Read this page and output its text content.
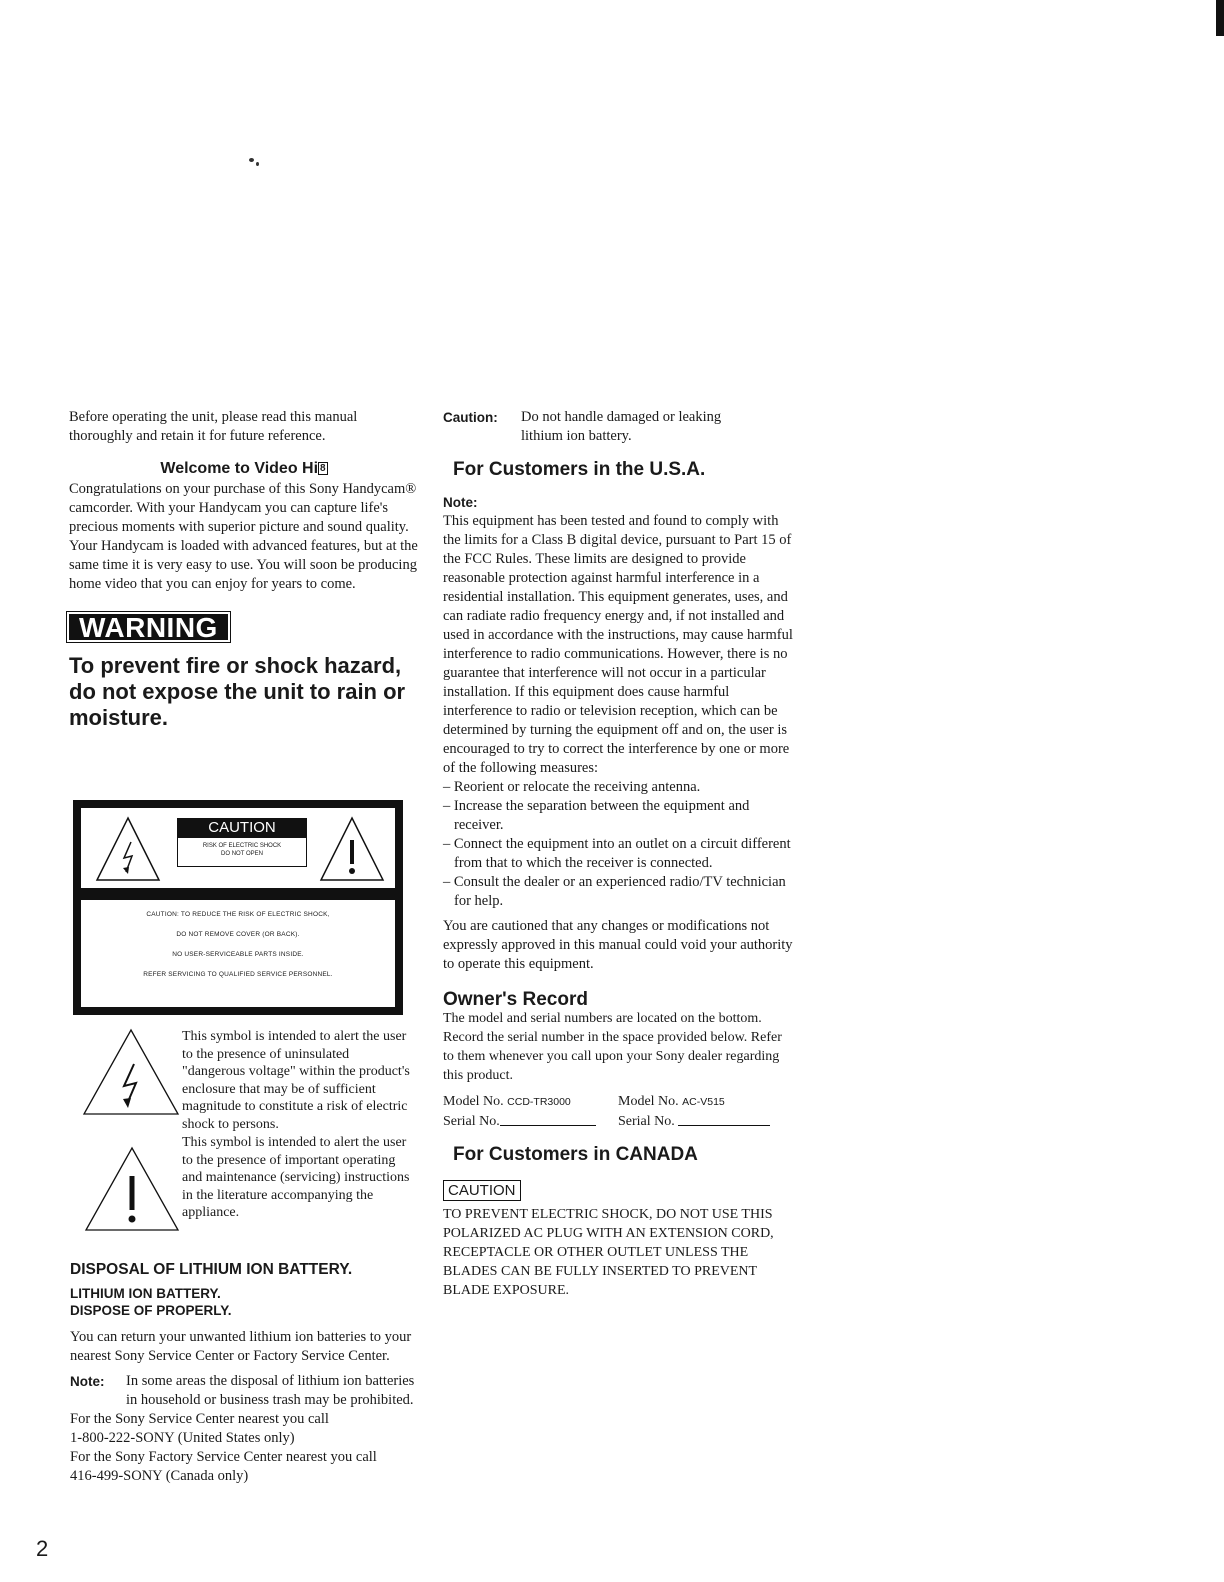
Before operating the unit, please read this manual thoroughly and retain it for future reference.

Welcome to Video Hi 8

Congratulations on your purchase of this Sony Handycam® camcorder. With your Handycam you can capture life's precious moments with superior picture and sound quality.

Your Handycam is loaded with advanced features, but at the same time it is very easy to use. You will soon be producing home video that you can enjoy for years to come.

WARNING
To prevent fire or shock hazard, do not expose the unit to rain or moisture.
CAUTION
RISK OF ELECTRIC SHOCK
DO NOT OPEN
CAUTION: TO REDUCE THE RISK OF ELECTRIC SHOCK,
DO NOT REMOVE COVER (OR BACK).
NO USER-SERVICEABLE PARTS INSIDE.
REFER SERVICING TO QUALIFIED SERVICE PERSONNEL.
This symbol is intended to alert the user to the presence of uninsulated "dangerous voltage" within the product's enclosure that may be of sufficient magnitude to constitute a risk of electric shock to persons.
This symbol is intended to alert the user to the presence of important operating and maintenance (servicing) instructions in the literature accompanying the appliance.
DISPOSAL OF LITHIUM ION BATTERY.
LITHIUM ION BATTERY.
DISPOSE OF PROPERLY.

You can return your unwanted lithium ion batteries to your nearest Sony Service Center or Factory Service Center.

Note:	In some areas the disposal of lithium ion batteries in household or business trash may be prohibited.

For the Sony Service Center nearest you call

1-800-222-SONY (United States only)

For the Sony Factory Service Center nearest you call

416-499-SONY (Canada only)

2
Caution:	Do not handle damaged or leaking lithium ion battery.
For Customers in the U.S.A.
Note:

This equipment has been tested and found to comply with the limits for a Class B digital device, pursuant to Part 15 of the FCC Rules. These limits are designed to provide reasonable protection against harmful interference in a residential installation. This equipment generates, uses, and can radiate radio frequency energy and, if not installed and used in accordance with the instructions, may cause harmful interference to radio communications. However, there is no guarantee that interference will not occur in a particular installation. If this equipment does cause harmful interference to radio or television reception, which can be determined by turning the equipment off and on, the user is encouraged to try to correct the interference by one or more of the following measures:

– Reorient or relocate the receiving antenna.
– Increase the separation between the equipment and receiver.
– Connect the equipment into an outlet on a circuit different from that to which the receiver is connected.
– Consult the dealer or an experienced radio/TV technician for help.

You are cautioned that any changes or modifications not expressly approved in this manual could void your authority to operate this equipment.

Owner's Record

The model and serial numbers are located on the bottom. Record the serial number in the space provided below. Refer to them whenever you call upon your Sony dealer regarding this product.

Model No. CCD-TR3000	Model No. AC-V515
Serial No.	Serial No.
For Customers in CANADA
CAUTION

TO PREVENT ELECTRIC SHOCK, DO NOT USE THIS POLARIZED AC PLUG WITH AN EXTENSION CORD, RECEPTACLE OR OTHER OUTLET UNLESS THE BLADES CAN BE FULLY INSERTED TO PREVENT BLADE EXPOSURE.
